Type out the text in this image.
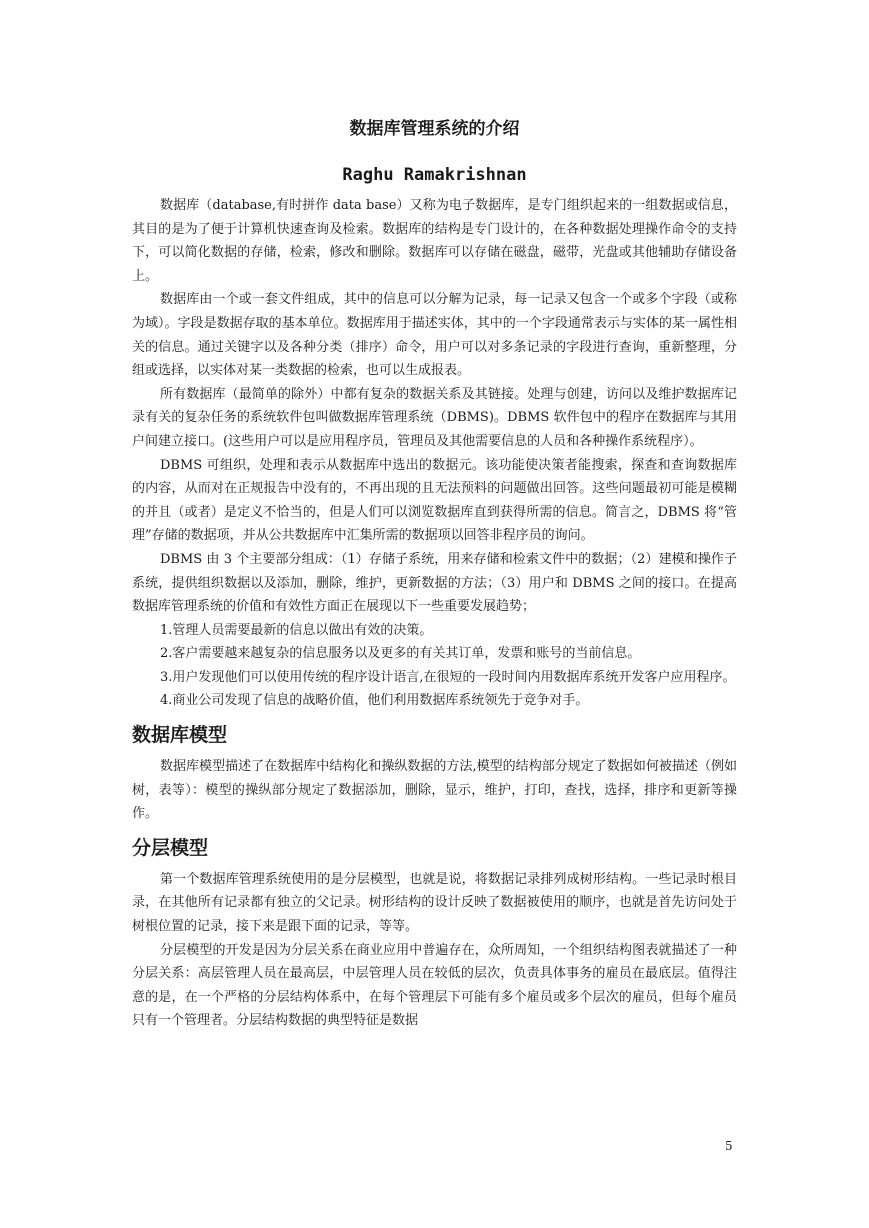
数据库管理系统的介绍
Raghu Ramakrishnan

数据库（database,有时拼作 data base）又称为电子数据库，是专门组织起来的一组数据或信息，其目的是为了便于计算机快速查询及检索。数据库的结构是专门设计的，在各种数据处理操作命令的支持下，可以简化数据的存储，检索，修改和删除。数据库可以存储在磁盘，磁带，光盘或其他辅助存储设备上。

数据库由一个或一套文件组成，其中的信息可以分解为记录，每一记录又包含一个或多个字段（或称为域）。字段是数据存取的基本单位。数据库用于描述实体，其中的一个字段通常表示与实体的某一属性相关的信息。通过关键字以及各种分类（排序）命令，用户可以对多条记录的字段进行查询，重新整理，分组或选择，以实体对某一类数据的检索，也可以生成报表。

所有数据库（最简单的除外）中都有复杂的数据关系及其链接。处理与创建，访问以及维护数据库记录有关的复杂任务的系统软件包叫做数据库管理系统（DBMS)。DBMS 软件包中的程序在数据库与其用户间建立接口。(这些用户可以是应用程序员，管理员及其他需要信息的人员和各种操作系统程序）。

DBMS 可组织，处理和表示从数据库中选出的数据元。该功能使决策者能搜索，探查和查询数据库的内容，从而对在正规报告中没有的，不再出现的且无法预料的问题做出回答。这些问题最初可能是模糊的并且（或者）是定义不恰当的，但是人们可以浏览数据库直到获得所需的信息。简言之，DBMS 将“管理”存储的数据项，并从公共数据库中汇集所需的数据项以回答非程序员的询问。

DBMS 由 3 个主要部分组成：（1）存储子系统，用来存储和检索文件中的数据；（2）建模和操作子系统，提供组织数据以及添加，删除，维护，更新数据的方法；（3）用户和 DBMS 之间的接口。在提高数据库管理系统的价值和有效性方面正在展现以下一些重要发展趋势；

1.管理人员需要最新的信息以做出有效的决策。

2.客户需要越来越复杂的信息服务以及更多的有关其订单，发票和账号的当前信息。

3.用户发现他们可以使用传统的程序设计语言,在很短的一段时间内用数据库系统开发客户应用程序。

4.商业公司发现了信息的战略价值，他们利用数据库系统领先于竞争对手。

数据库模型

数据库模型描述了在数据库中结构化和操纵数据的方法,模型的结构部分规定了数据如何被描述（例如树，表等）：模型的操纵部分规定了数据添加，删除，显示，维护，打印，查找，选择，排序和更新等操作。

分层模型

第一个数据库管理系统使用的是分层模型，也就是说，将数据记录排列成树形结构。一些记录时根目录，在其他所有记录都有独立的父记录。树形结构的设计反映了数据被使用的顺序，也就是首先访问处于树根位置的记录，接下来是跟下面的记录，等等。

分层模型的开发是因为分层关系在商业应用中普遍存在，众所周知，一个组织结构图表就描述了一种分层关系：高层管理人员在最高层，中层管理人员在较低的层次，负责具体事务的雇员在最底层。值得注意的是，在一个严格的分层结构体系中，在每个管理层下可能有多个雇员或多个层次的雇员，但每个雇员只有一个管理者。分层结构数据的典型特征是数据

5
